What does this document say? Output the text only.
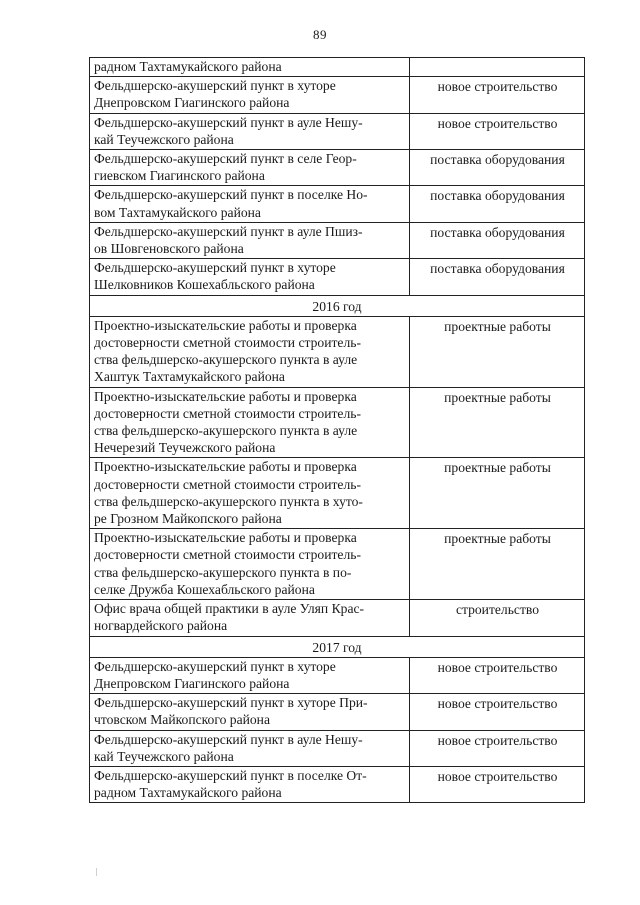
89
радном Тахтамукайского района	

Фельдшерско-акушерский пункт в хуторе
Днепровском Гиагинского района	новое строительство

Фельдшерско-акушерский пункт в ауле Нешу-
кай Теучежского района	новое строительство

Фельдшерско-акушерский пункт в селе Геор-
гиевском Гиагинского района	поставка оборудования

Фельдшерско-акушерский пункт в поселке Но-
вом Тахтамукайского района	поставка оборудования

Фельдшерско-акушерский пункт в ауле Пшиз-
ов Шовгеновского района	поставка оборудования

Фельдшерско-акушерский пункт в хуторе
Шелковников Кошехабльского района	поставка оборудования
2016 год	

Проектно-изыскательские работы и проверка
достоверности сметной стоимости строитель-
ства фельдшерско-акушерского пункта в ауле
Хаштук Тахтамукайского района	проектные работы

Проектно-изыскательские работы и проверка
достоверности сметной стоимости строитель-
ства фельдшерско-акушерского пункта в ауле
Нечерезий Теучежского района	проектные работы

Проектно-изыскательские работы и проверка
достоверности сметной стоимости строитель-
ства фельдшерско-акушерского пункта в хуто-
ре Грозном Майкопского района	проектные работы

Проектно-изыскательские работы и проверка
достоверности сметной стоимости строитель-
ства фельдшерско-акушерского пункта в по-
селке Дружба Кошехабльского района	проектные работы

Офис врача общей практики в ауле Уляп Крас-
ногвардейского района	строительство
2017 год	

Фельдшерско-акушерский пункт в хуторе
Днепровском Гиагинского района	новое строительство

Фельдшерско-акушерский пункт в хуторе При-
чтовском Майкопского района	новое строительство

Фельдшерско-акушерский пункт в ауле Нешу-
кай Теучежского района	новое строительство

Фельдшерско-акушерский пункт в поселке От-
радном Тахтамукайского района	новое строительство
